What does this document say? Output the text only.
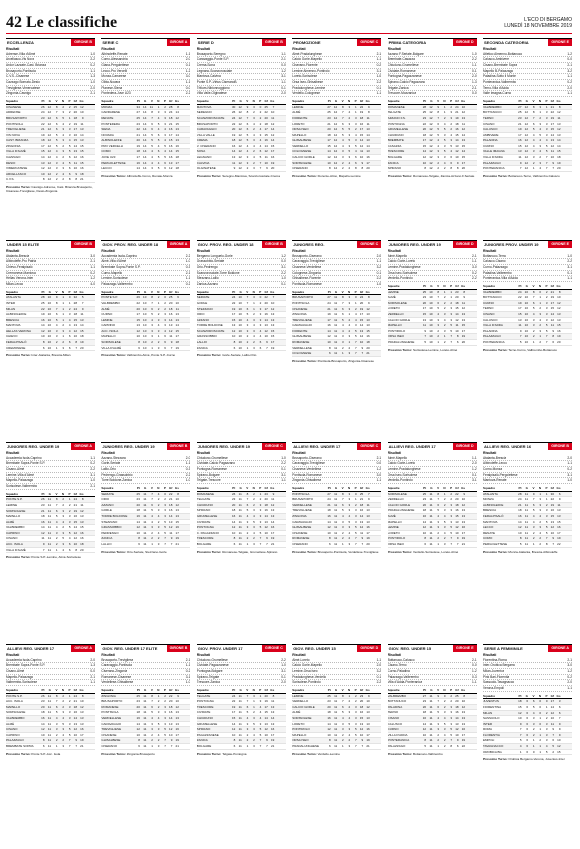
42 Le classifiche	L'ECO DI BERGAMO
LUNEDÌ 18 NOVEMBRE 2019
ECCELLENZA	GIRONE B
Risultati
Adrense-Villa d'Almè	1-0
Arcellasco-Vis Nova	2-2
Ardor Lazzate-Cast. Brianza	0-2
Brusaporto-Pontisola	1-1
C.V.S.-Cisanese	1-3
Cazzago Bornato-Desio	1-0
Trevigliese-Vimercatese	2-0
Zingonia-Casnigo	2-1
Squadre	Pt	G	V	N	P	Gf Gs
CISANESE	26	12	8	2	2	25	12
ADRENSE	24	12	7	3	2	20	10
BRUSAPORTO	23	12	6	5	1	18	9
PONTISOLA	22	12	6	4	2	19	11
TREVIGLIESE	21	12	6	3	3	17	13
VIS NOVA	19	12	5	4	3	16	14
CAST. BRIANZA	18	12	5	3	4	15	13
ZINGONIA	17	12	5	2	5	14	15
VILLA D'ALMÈ	15	12	4	3	5	13	15
CAZZAGO	14	12	4	2	6	12	16
DESIO	13	12	3	4	5	11	15
VIMERCATESE	12	12	3	3	6	10	16
ARCELLASCO	10	12	2	4	6	9	18
C.V.S.	8	12	2	2	8	8	21
Prossimo Turno: Casnigo-Adrense, Cast. Brianza-Brusaporto, Cisanese-Trevigliese, Desio-Zingonia
SERIE C	GIRONE A
Risultati
Albinoleffe-Renate	1-1
Como-Alessandria	2-0
Giana-Pergolettese	0-1
Lecco-Pro Vercelli	1-2
Monza-Carrarese	3-0
Olbia-Novara	1-1
Pianese-Siena	0-0
Pontedera-Juve U23	2-2
Squadre	Pt	G	V	N	P	Gf Gs
MONZA	34	14	11	1	2	28	8
CARRARESE	27	14	8	3	3	24	14
RENATE	25	14	7	4	3	18	12
PONTEDERA	23	14	6	5	3	21	15
SIENA	22	14	6	4	4	16	13
NOVARA	21	14	5	6	3	17	14
ALBINOLEFFE	20	14	5	5	4	15	13
PRO VERCELLI	19	14	5	4	5	16	16
COMO	18	14	4	6	4	14	15
JUVE U23	17	14	4	5	5	16	18
PERGOLETTESE	16	14	4	4	6	13	17
LECCO	14	14	3	5	6	12	18
Prossimo Turno: Albinoleffe-Como, Renate-Monza
SERIE D	GIRONE B
Risultati
Brusaporto-Seregno	1-1
Caravaggio-Ponte S.P.	2-1
Crema-Sona	0-0
Legnano-Scanzorosciate	1-2
Mantova-Calvina	3-1
Ponte S.P.-Virtus CiseranoB.	1-1
Tritium-Nibionnoggiono	0-1
Villa Valle-Olginatese	2-0
Squadre	Pt	G	V	N	P	Gf Gs
MANTOVA	30	12	9	3	0	25	7
SEREGNO	26	12	8	2	2	22	10
SCANZOROSCIATE	24	12	7	3	2	20	11
BRUSAPORTO	22	12	6	4	2	18	12
CARAVAGGIO	20	12	6	2	4	17	14
VILLA VALLE	19	12	5	4	3	15	12
CREMA	18	12	5	3	4	16	14
V. CISERANO	16	12	4	4	4	14	15
SONA	14	12	4	2	6	12	17
LEGNANO	13	12	3	4	5	11	16
CALVINA	11	12	3	2	7	10	19
OLGINATESE	9	12	2	3	7	9	20
Prossimo Turno: Seregno-Mantova, Scanzorosciate-Crema
PROMOZIONE	GIRONE C
Risultati
Almè-Pradalunghese	2-1
Calcio Gorle-Mapello	1-1
Ciserano-Fiorente	0-2
Lemine Almenno-Pontirolo	3-1
Loreto-Sorisolese	1-0
Orsa Iseo-Ghisalbese	2-2
Pradalunghese-Lemine	0-1
Verdello-Colognese	1-1
Squadre	Pt	G	V	N	P	Gf Gs
LEMINE	27	12	8	3	1	22	9
ALMÈ	25	12	7	4	1	19	8
FIORENTE	23	12	7	2	3	18	11
LORETO	21	12	6	3	3	16	11
ORSA ISEO	20	12	5	5	2	17	13
MAPELLO	18	12	5	3	4	15	14
GHISALBESE	17	12	4	5	3	14	13
VERDELLO	15	12	4	3	5	12	14
COLOGNESE	14	12	3	5	4	11	13
CALCIO GORLE	12	12	3	3	6	10	16
SORISOLESE	10	12	2	4	6	9	17
CISERANO	8	12	2	2	8	8	20
Prossimo Turno: Fiorente-Almè, Mapello-Lemine
PRIMA CATEGORIA	GIRONE D
Risultati
Azzano F.Seriate-Bolgare	1-0
Brembate-Casazza	2-2
Chiuduno-Grumellese	1-1
Cividate-Romanese	0-1
Pontogna-Pagazzanese	2-0
Spirano-Calcio Pagazzano	1-3
Telgate-Zanica	2-1
Trescore-Mozzanica	0-0
Squadre	Pt	G	V	N	P	Gf Gs
ROMANESE	28	12	9	1	2	24	10
TELGATE	25	12	8	1	3	21	12
AZZANO F.S.	23	12	7	2	3	19	13
PONTOGNA	22	12	6	4	2	18	11
GRUMELLESE	20	12	5	5	2	16	12
CHIUDUNO	18	12	5	3	4	15	14
BREMBATE	17	12	4	5	3	14	13
CASAZZA	15	12	4	3	5	13	15
TRESCORE	14	12	3	5	4	12	14
BOLGARE	12	12	3	3	6	10	15
ZANICA	10	12	2	4	6	9	17
SPIRANO	8	12	2	2	8	8	20
Prossimo Turno: Romanese-Telgate, Zanica-Azzano F.Seriate
SECONDA CATEGORIA	GIRONE E
Risultati
Atletico Almenno-Bottanuco	1-2
Calusco-Ambivere	0-0
Cisano-Brembate Sopra	2-1
Mapello B-Palazzago	3-2
Paladina-Sotto il Monte	1-1
Ponteranica-Valbrembo	0-2
Terno-Villa d'Adda	2-0
Valle Imagna-Curno	1-1
Squadre	Pt	G	V	N	P	Gf Gs
VALBREMBO	27	12	8	3	1	21	8
BOTTANUCO	25	12	8	1	3	22	12
TERNO	23	12	7	2	3	19	11
CISANO	21	12	6	3	3	17	13
CALUSCO	19	12	5	4	3	15	12
AMBIVERE	17	12	4	5	3	14	13
PALADINA	16	12	4	4	4	13	14
CURNO	15	12	4	3	5	12	14
VALLE IMAGNA	13	12	3	4	5	11	15
VILLA D'ADDA	11	12	3	2	7	10	18
PALAZZAGO	9	12	2	3	7	9	19
PONTERANICA	7	12	1	4	7	7	20
Prossimo Turno: Bottanuco-Terno, Valbrembo-Calusco
UNDER 15 ELITE	GIRONE B
Risultati
Atalanta-Brescia	3-0
Albinoleffe-Pro Patria	2-1
Chievo-Feralpisalò	1-1
Cremonese-Mantova	0-2
Hellas Verona-Inter	1-2
Milan-Lecco	4-0
Squadre	Pt	G	V	N	P	Gf Gs
ATALANTA	28	10	9	1	0	32	5
INTER	25	10	8	1	1	28	7
MILAN	22	10	7	1	2	24	9
ALBINOLEFFE	19	10	6	1	3	18	11
BRESCIA	16	10	5	1	4	15	13
MANTOVA	14	10	4	2	4	13	14
HELLAS VERONA	12	10	3	3	4	12	15
CHIEVO	10	10	3	1	6	10	18
FERALPISALÒ	8	10	2	2	6	8	19
CREMONESE	6	10	1	3	6	7	20
Prossimo Turno: Inter-Atalanta, Brescia-Milan
GIOV. PROV. REG. UNDER 18	GIRONE A
Risultati
Accademia Isola-Caprino	2-2
Almè-Villa d'Almè	1-0
Brembate Sopra-Ponte S.P.	0-3
Curno-Mapello	2-1
Lemine-Sorisolese	1-1
Palazzago-Valbrembo	0-2
Squadre	Pt	G	V	N	P	Gf Gs
PONTE S.P.	26	10	8	2	0	25	6
VALBREMBO	22	10	7	1	2	20	10
ALMÈ	20	10	6	2	2	18	11
CURNO	17	10	5	2	3	16	13
LEMINE	15	10	4	3	3	14	13
CAPRINO	13	10	3	4	3	13	14
ACC. ISOLA	12	10	3	3	4	12	15
MAPELLO	10	10	3	1	6	11	17
SORISOLESE	8	10	2	2	6	9	18
VILLA D'ALMÈ	6	10	1	3	6	7	19
Prossimo Turno: Valbrembo-Almè, Ponte S.P.-Curno
GIOV. PROV. REG. UNDER 18	GIRONE B
Risultati
Bergamo Longuelo-Gorle	1-2
Grassobbio-Seriate	0-0
Orio-Pedrengo	3-1
Scanzorosciate-Torre Boldone	2-2
Stezzano-Lallio	1-0
Zanica-Azzano	0-1
Squadre	Pt	G	V	N	P	Gf Gs
SERIATE	24	10	7	3	0	22	7
GORLE	22	10	7	1	2	20	10
STEZZANO	19	10	6	1	3	17	12
ORIO	17	10	5	2	3	16	13
AZZANO	15	10	4	3	3	14	13
TORRE BOLDONE	13	10	3	4	3	13	13
SCANZOROSCIATE	12	10	3	3	4	12	15
GRASSOBBIO	10	10	2	4	4	10	15
LALLIO	8	10	2	2	6	9	17
ZANICA	6	10	1	3	6	7	19
Prossimo Turno: Gorle-Seriate, Lallio-Orio
JUNIORES REG.	GIRONE C
Risultati
Brusaporto-Ciserano	2-0
Caravaggio-Trevigliese	1-1
Cisanese-Verdellese	3-2
Colognese-Zingonia	0-1
Ghisalbese-Fiorente	2-2
Pontisola-Romanese	1-0
Squadre	Pt	G	V	N	P	Gf Gs
BRUSAPORTO	27	11	8	3	0	24	8
PONTISOLA	24	11	7	3	1	20	9
CISANESE	21	11	6	3	2	19	12
ZINGONIA	19	11	6	1	4	17	13
TREVIGLIESE	17	11	5	2	4	15	13
CARAVAGGIO	16	11	4	4	3	14	13
FIORENTE	14	11	4	2	5	13	15
GHISALBESE	12	11	3	3	5	12	16
ROMANESE	10	11	3	1	7	10	18
VERDELLESE	8	11	2	2	7	9	20
COLOGNESE	6	11	1	3	7	7	21
Prossimo Turno: Pontisola-Brusaporto, Zingonia-Cisanese
JUNIORES REG. UNDER 19	GIRONE D
Risultati
Almè-Mapello	2-1
Calcio Gorle-Loreto	1-1
Lemine-Pradalunghese	3-0
Orsa Iseo-Sorisolese	0-2
Verdello-Pontirolo	2-2
Squadre	Pt	G	V	N	P	Gf Gs
LEMINE	25	10	8	1	1	23	8
ALMÈ	23	10	7	2	1	20	9
SORISOLESE	20	10	6	2	2	18	11
LORETO	17	10	5	2	3	15	12
VERDELLO	15	10	4	3	3	14	13
CALCIO GORLE	13	10	3	4	3	12	13
MAPELLO	11	10	3	2	5	11	15
PONTIROLO	9	10	2	3	5	10	17
ORSA ISEO	7	10	2	1	7	8	19
PRADALUNGHESE	5	10	1	2	7	6	20
Prossimo Turno: Sorisolese-Lemine, Loreto-Almè
JUNIORES PROV. UNDER 19	GIRONE E
Risultati
Bottanuco-Terno	1-0
Calusco-Cisano	2-2
Curno-Palazzago	3-1
Paladina-Valbrembo	0-1
Ponteranica-Villa d'Adda	1-1
Squadre	Pt	G	V	N	P	Gf Gs
VALBREMBO	24	10	8	0	2	21	8
BOTTANUCO	22	10	7	1	2	19	10
CURNO	19	10	6	1	3	17	12
TERNO	17	10	5	2	3	15	12
CISANO	15	10	4	3	3	14	13
CALUSCO	13	10	3	4	3	12	13
VILLA D'ADDA	11	10	3	2	5	11	15
PALADINA	9	10	2	3	5	9	16
PALAZZAGO	7	10	2	1	7	8	19
PONTERANICA	5	10	1	2	7	6	20
Prossimo Turno: Terno-Curno, Valbrembo-Bottanuco
JUNIORES REG. UNDER 19	GIRONE A
Risultati
Accademia Isola-Caprino	1-1
Brembate Sopra-Ponte S.P.	0-2
Cisano-Almè	2-2
Lemine-Villa d'Almè	3-1
Mapello-Palazzago	1-0
Sorisolese-Valbrembo	2-1
Squadre	Pt	G	V	N	P	Gf Gs
PONTE S.P.	26	11	8	2	1	24	8
LEMINE	23	11	7	2	2	21	11
SORISOLESE	21	11	6	3	2	19	12
MAPELLO	18	11	5	3	3	16	13
ALMÈ	16	11	4	4	3	15	13
VALBREMBO	14	11	4	2	5	14	15
CAPRINO	12	11	3	3	5	12	16
CISANO	11	11	2	5	4	12	16
ACC. ISOLA	9	11	2	3	6	10	18
VILLA D'ALMÈ	7	11	1	4	6	8	20
Prossimo Turno: Ponte S.P.-Lemine, Almè-Sorisolese
JUNIORES REG. UNDER 19	GIRONE B
Risultati
Azzano-Stezzano	2-0
Gorle-Seriate	1-1
Lallio-Orio	0-3
Pedrengo-Grassobbio	2-2
Torre Boldone-Zanica	1-0
Squadre	Pt	G	V	N	P	Gf Gs
SERIATE	25	11	7	4	0	22	8
ORIO	23	11	7	2	2	21	10
AZZANO	20	11	6	2	3	18	12
GORLE	18	11	5	3	3	16	13
TORRE BOLDONE	16	11	4	4	3	14	13
STEZZANO	14	11	4	2	5	13	15
GRASSOBBIO	12	11	3	3	5	12	16
PEDRENGO	10	11	2	4	5	11	17
ZANICA	8	11	2	2	7	9	19
LALLIO	6	11	1	3	7	7	21
Prossimo Turno: Orio-Seriate, Stezzano-Gorle
JUNIORES REG. UNDER 19	GIRONE C
Risultati
Chiuduno-Grumellese	1-0
Cividate-Calcio Pagazzano	2-2
Pontogna-Romanese	0-1
Spirano-Bolgare	3-1
Telgate-Trescore	1-1
Squadre	Pt	G	V	N	P	Gf Gs
ROMANESE	26	11	8	2	1	23	9
TELGATE	23	11	7	2	2	20	11
CHIUDUNO	20	11	6	2	3	18	12
SPIRANO	18	11	5	3	3	16	13
GRUMELLESE	16	11	4	4	3	14	13
CIVIDATE	14	11	3	5	3	13	14
PONTOGNA	12	11	3	3	5	12	16
C. PAGAZZANO	10	11	2	4	5	10	17
TRESCORE	8	11	2	2	7	9	19
BOLGARE	6	11	1	3	7	7	21
Prossimo Turno: Romanese-Telgate, Grumellese-Spirano
ALLIEVI REG. UNDER 17	GIRONE C
Risultati
Brusaporto-Ciserano	2-1
Caravaggio-Trevigliese	0-0
Cisanese-Verdellese	1-2
Pontisola-Romanese	3-0
Zingonia-Ghisalbese	1-1
Squadre	Pt	G	V	N	P	Gf Gs
PONTISOLA	27	11	8	3	0	25	7
BRUSAPORTO	24	11	7	3	1	21	9
VERDELLESE	21	11	6	3	2	18	11
TREVIGLIESE	18	11	5	3	3	16	13
ZINGONIA	16	11	4	4	3	14	13
CARAVAGGIO	14	11	3	5	3	13	13
GHISALBESE	12	11	3	3	5	12	16
CISANESE	10	11	2	4	5	11	17
ROMANESE	8	11	2	2	7	9	19
CISERANO	6	11	1	3	7	7	20
Prossimo Turno: Brusaporto-Pontisola, Verdellese-Trevigliese
ALLIEVI REG. UNDER 17	GIRONE D
Risultati
Almè-Mapello	1-1
Calcio Gorle-Loreto	2-0
Lemine-Pradalunghese	1-2
Orsa Iseo-Sorisolese	0-1
Verdello-Pontirolo	3-1
Squadre	Pt	G	V	N	P	Gf Gs
SORISOLESE	25	11	8	1	2	22	9
VERDELLO	23	11	7	2	2	20	10
CALCIO GORLE	20	11	6	2	3	18	12
PRADALUNGHESE	18	11	5	3	3	16	13
ALMÈ	16	11	4	4	3	15	13
MAPELLO	14	11	3	5	3	13	13
LEMINE	12	11	3	3	5	12	16
LORETO	10	11	2	4	5	10	17
PONTIROLO	8	11	2	2	7	9	19
ORSA ISEO	6	11	1	3	7	7	21
Prossimo Turno: Verdello-Sorisolese, Loreto-Almè
ALLIEVI REG. UNDER 16	GIRONE B
Risultati
Atalanta-Brescia	2-0
Albinoleffe-Lecco	1-1
Como-Monza	0-2
Feralpisalò-Pergolettese	3-1
Mantova-Renate	1-0
Squadre	Pt	G	V	N	P	Gf Gs
ATALANTA	28	11	9	1	1	30	6
MONZA	24	11	7	3	1	22	9
ALBINOLEFFE	21	11	6	3	2	19	11
BRESCIA	18	11	5	3	3	16	13
FERALPISALÒ	16	11	4	4	3	15	13
MANTOVA	14	11	4	2	5	13	15
LECCO	12	11	3	3	5	12	16
RENATE	10	11	2	4	5	10	17
COMO	8	11	2	2	7	9	19
PERGOLETTESE	5	11	1	2	8	7	22
Prossimo Turno: Monza-Atalanta, Brescia-Albinoleffe
ALLIEVI REG. UNDER 17	GIRONE A
Risultati
Accademia Isola-Caprino	2-0
Brembate Sopra-Ponte S.P.	1-3
Cisano-Almè	0-0
Mapello-Palazzago	2-1
Valbrembo-Sorisolese	1-1
Squadre	Pt	G	V	N	P	Gf Gs
PONTE S.P.	26	11	8	2	1	24	8
ACC. ISOLA	23	11	7	2	2	21	10
MAPELLO	20	11	6	2	3	18	12
SORISOLESE	18	11	5	3	3	16	13
VALBREMBO	16	11	4	4	3	14	13
ALMÈ	14	11	3	5	3	13	13
CISANO	12	11	3	3	5	12	16
CAPRINO	10	11	2	4	5	10	17
PALAZZAGO	8	11	2	2	7	9	19
BREMBATE SOPRA	6	11	1	3	7	7	21
Prossimo Turno: Ponte S.P.-Acc. Isola
GIOV. REG. UNDER 17 ELITE	GIRONE B
Risultati
Brusaporto-Trevigliese	2-1
Caravaggio-Pontisola	1-1
Ciserano-Zingonia	0-2
Romanese-Cisanese	3-1
Verdellese-Ghisalbese	1-0
Squadre	Pt	G	V	N	P	Gf Gs
ZINGONIA	25	11	8	1	2	22	9
BRUSAPORTO	23	11	7	2	2	20	10
ROMANESE	20	11	6	2	3	18	12
PONTISOLA	18	11	5	3	3	16	13
VERDELLESE	16	11	4	4	3	14	13
CARAVAGGIO	14	11	3	5	3	13	13
TREVIGLIESE	12	11	3	3	5	12	16
CISANESE	10	11	2	4	5	10	17
GHISALBESE	8	11	2	2	7	9	19
CISERANO	6	11	1	3	7	7	21
Prossimo Turno: Zingonia-Brusaporto
GIOV. PROV. UNDER 17	GIRONE C
Risultati
Chiuduno-Grumellese	2-2
Cividate-Pagazzanese	1-0
Pontogna-Bolgare	3-1
Spirano-Telgate	0-1
Trescore-Zanica	2-0
Squadre	Pt	G	V	N	P	Gf Gs
TELGATE	24	11	7	3	1	20	8
PONTOGNA	22	11	7	1	3	19	11
TRESCORE	19	11	6	1	4	17	13
CIVIDATE	17	11	5	2	4	15	13
CHIUDUNO	15	11	4	3	4	14	14
GRUMELLESE	14	11	3	5	3	13	13
SPIRANO	12	11	3	3	5	12	16
PAGAZZANESE	10	11	2	4	5	10	17
ZANICA	8	11	2	2	7	9	19
BOLGARE	6	11	1	3	7	7	21
Prossimo Turno: Telgate-Pontogna
GIOV. REG. UNDER 15	GIRONE D
Risultati
Almè-Loreto	1-1
Calcio Gorle-Mapello	2-0
Lemine-Orsa Iseo	3-2
Pradalunghese-Verdello	0-1
Sorisolese-Pontirolo	2-2
Squadre	Pt	G	V	N	P	Gf Gs
LEMINE	25	11	8	1	2	23	9
VERDELLO	23	11	7	2	2	20	10
CALCIO GORLE	20	11	6	2	3	18	12
ALMÈ	18	11	5	3	3	16	13
SORISOLESE	16	11	4	4	3	15	13
LORETO	14	11	3	5	3	13	13
PONTIROLO	12	11	3	3	5	12	16
MAPELLO	10	11	2	4	5	10	17
ORSA ISEO	8	11	2	2	7	9	19
PRADALUNGHESE	6	11	1	3	7	7	21
Prossimo Turno: Verdello-Lemine
GIOV. REG. UNDER 15	GIRONE E
Risultati
Bottanuco-Calusco	2-1
Cisano-Terno	0-0
Curno-Paladina	1-2
Palazzago-Valbrembo	0-3
Villa d'Adda-Ponteranica	1-1
Squadre	Pt	G	V	N	P	Gf Gs
VALBREMBO	27	11	9	0	2	25	8
BOTTANUCO	23	11	7	2	2	20	10
PALADINA	20	11	6	2	3	18	12
TERNO	18	11	5	3	3	16	13
CISANO	16	11	4	4	3	14	13
CALUSCO	14	11	3	5	3	13	13
CURNO	12	11	3	3	5	12	16
VILLA D'ADDA	10	11	2	4	5	10	17
PONTERANICA	8	11	2	2	7	9	19
PALAZZAGO	5	11	1	2	8	6	22
Prossimo Turno: Bottanuco-Valbrembo
SERIE A FEMMINILE	GIRONE A
Risultati
Fiorentina-Roma	2-1
Inter-Orobica Bergamo	3-0
Milan-Juventus	1-2
Pink Bari-Florentia	0-2
Sassuolo-Tavagnacco	2-0
Verona-Empoli	1-1
Squadre	Pt	G	V	N	P	Gf Gs
JUVENTUS	18	6	6	0	0	17	3
FIORENTINA	15	6	5	0	1	14	6
MILAN	12	6	4	0	2	12	6
SASSUOLO	10	6	3	1	2	10	7
INTER	9	6	3	0	3	11	9
ROMA	7	6	2	1	3	9	9
FLORENTIA	7	6	2	1	3	7	9
EMPOLI	5	6	1	2	3	6	10
TAVAGNACCO	4	6	1	1	4	5	12
OROBICA BG	1	6	0	1	5	2	15
Prossimo Turno: Orobica Bergamo-Verona, Juventus-Inter
